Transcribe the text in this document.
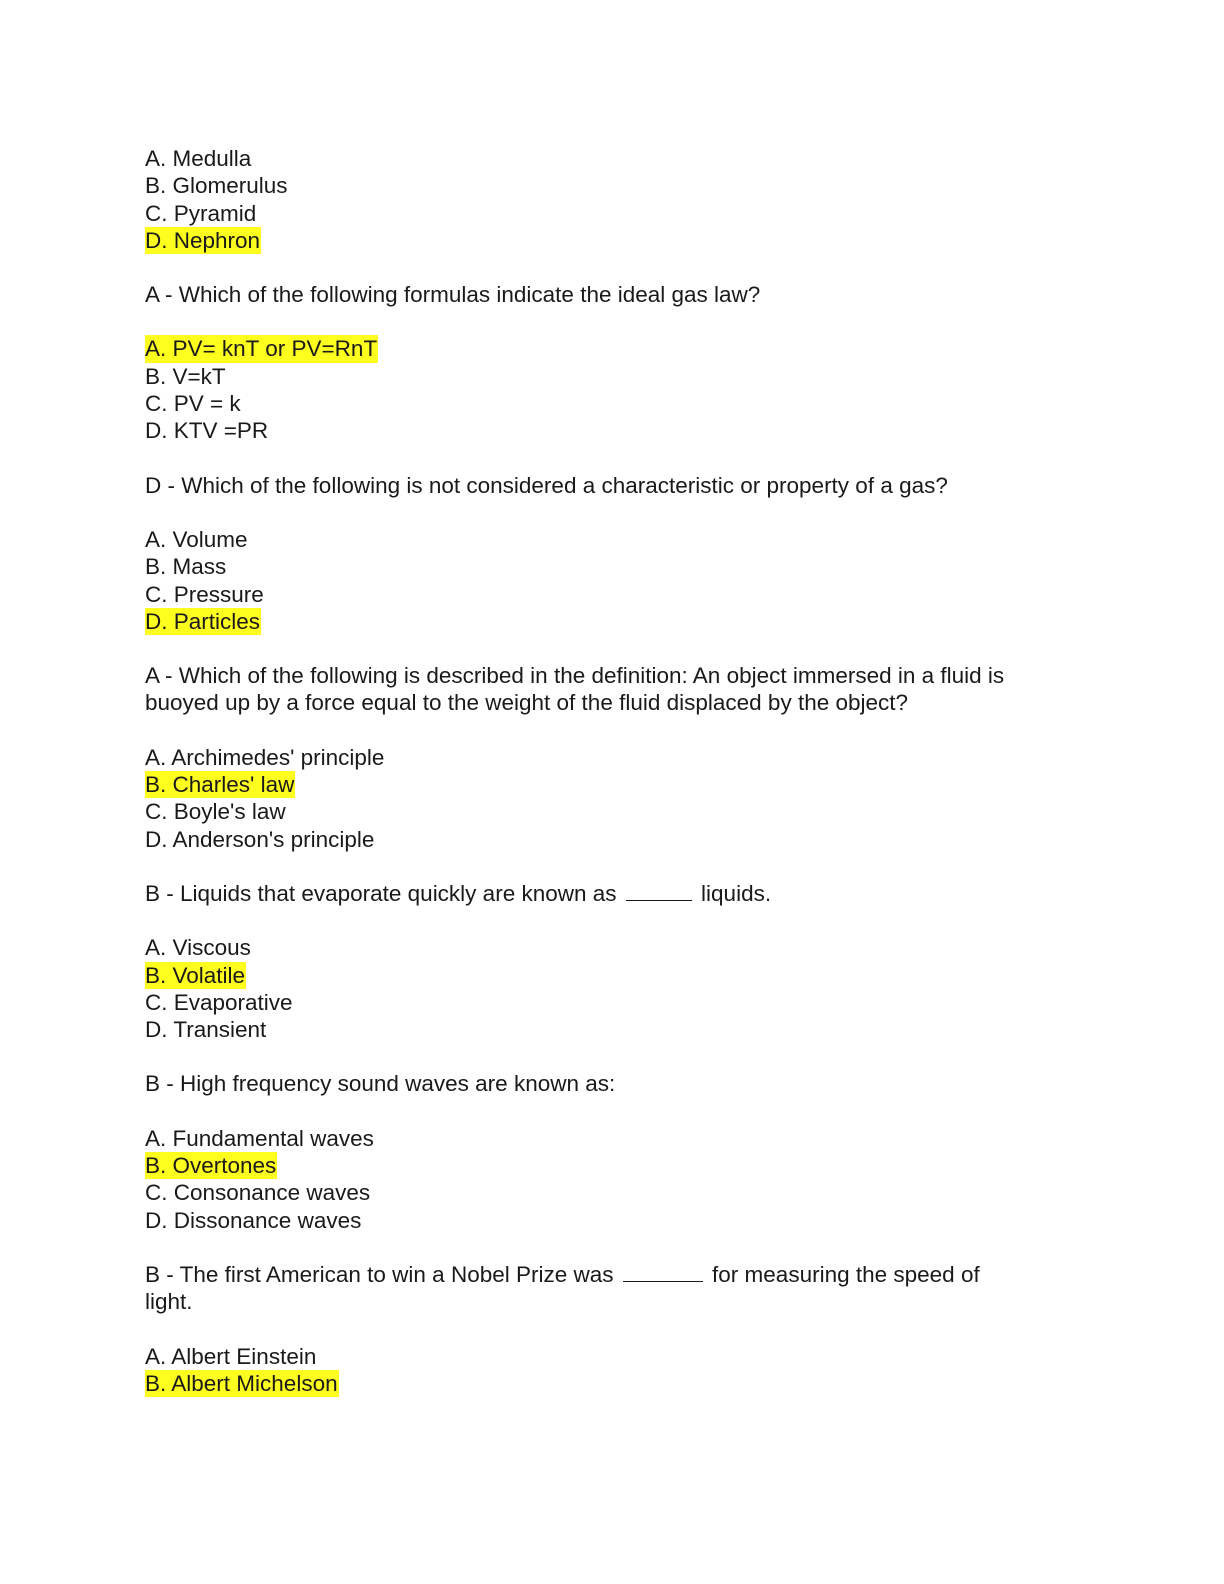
A. Medulla
B. Glomerulus
C. Pyramid
D. Nephron
A - Which of the following formulas indicate the ideal gas law?
A. PV= knT or PV=RnT
B. V=kT
C. PV = k
D. KTV =PR
D - Which of the following is not considered a characteristic or property of a gas?
A. Volume
B. Mass
C. Pressure
D. Particles
A - Which of the following is described in the definition: An object immersed in a fluid is buoyed up by a force equal to the weight of the fluid displaced by the object?
A. Archimedes' principle
B. Charles' law
C. Boyle's law
D. Anderson's principle
B - Liquids that evaporate quickly are known as	liquids.
A. Viscous
B. Volatile
C. Evaporative
D. Transient
B - High frequency sound waves are known as:
A. Fundamental waves
B. Overtones
C. Consonance waves
D. Dissonance waves
B - The first American to win a Nobel Prize was	for measuring the speed of light.
A. Albert Einstein
B. Albert Michelson
